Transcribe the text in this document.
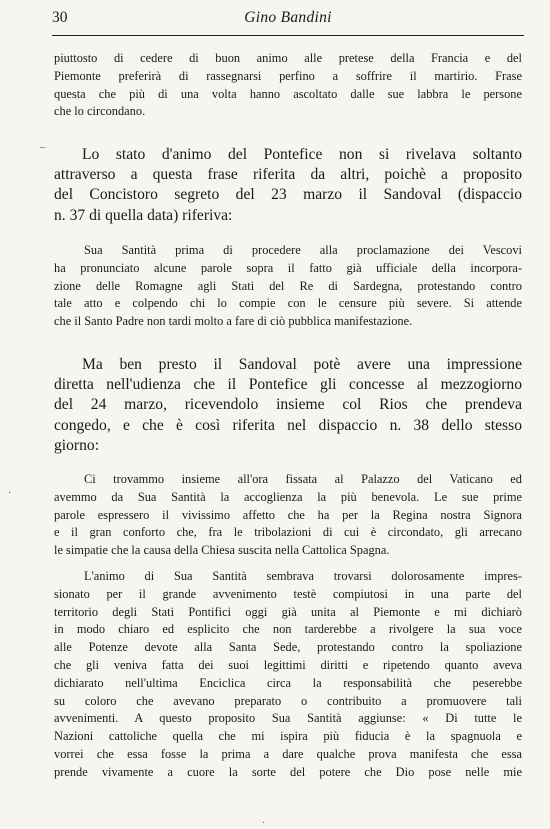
30	Gino Bandini
piuttosto di cedere di buon animo alle pretese della Francia e del
Piemonte preferirà di rassegnarsi perfino a soffrire il martirio. Frase
questa che più di una volta hanno ascoltato dalle sue labbra le persone
che lo circondano.
Lo stato d'animo del Pontefice non si rivelava soltanto
attraverso a questa frase riferita da altri, poichè a proposito
del Concistoro segreto del 23 marzo il Sandoval (dispaccio
n. 37 di quella data) riferiva:
Sua Santità prima di procedere alla proclamazione dei Vescovi
ha pronunciato alcune parole sopra il fatto già ufficiale della incorpora-
zione delle Romagne agli Stati del Re di Sardegna, protestando contro
tale atto e colpendo chi lo compie con le censure più severe. Si attende
che il Santo Padre non tardi molto a fare di ciò pubblica manifestazione.
Ma ben presto il Sandoval potè avere una impressione
diretta nell'udienza che il Pontefice gli concesse al mezzogiorno
del 24 marzo, ricevendolo insieme col Rios che prendeva
congedo, e che è così riferita nel dispaccio n. 38 dello stesso
giorno:
Ci trovammo insieme all'ora fissata al Palazzo del Vaticano ed
avemmo da Sua Santità la accoglienza la più benevola. Le sue prime
parole espressero il vivissimo affetto che ha per la Regina nostra Signora
e il gran conforto che, fra le tribolazioni di cui è circondato, gli arrecano
le simpatie che la causa della Chiesa suscita nella Cattolica Spagna.
L'animo di Sua Santità sembrava trovarsi dolorosamente impres-
sionato per il grande avvenimento testè compiutosi in una parte del
territorio degli Stati Pontifici oggi già unita al Piemonte e mi dichiarò
in modo chiaro ed esplicito che non tarderebbe a rivolgere la sua voce
alle Potenze devote alla Santa Sede, protestando contro la spoliazione
che gli veniva fatta dei suoi legittimi diritti e ripetendo quanto aveva
dichiarato nell'ultima Enciclica circa la responsabilità che peserebbe
su coloro che avevano preparato o contribuito a promuovere tali
avvenimenti. A questo proposito Sua Santità aggiunse: « Di tutte le
Nazioni cattoliche quella che mi ispira più fiducia è la spagnuola e
vorrei che essa fosse la prima a dare qualche prova manifesta che essa
prende vivamente a cuore la sorte del potere che Dio pose nelle mie
–
·
·
